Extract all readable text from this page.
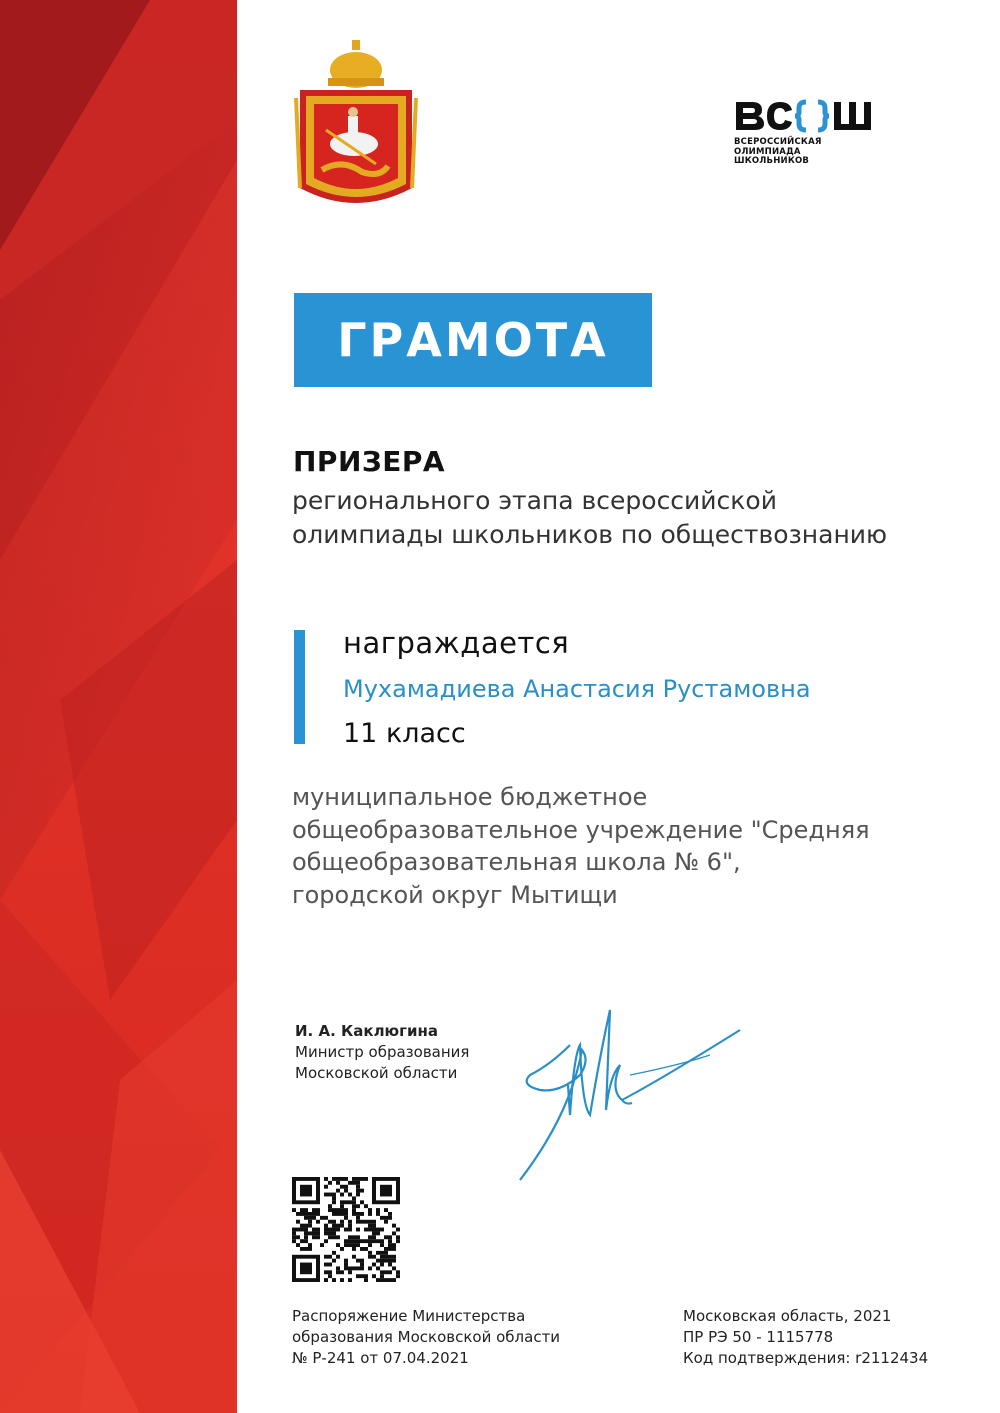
ВСЕРОССИЙСКАЯ
ОЛИМПИАДА
ШКОЛЬНИКОВ
ГРАМОТА
ПРИЗЕРА
регионального этапа всероссийской
олимпиады школьников по обществознанию
награждается
Мухамадиева Анастасия Рустамовна
11 класс
муниципальное бюджетное
общеобразовательное учреждение "Средняя
общеобразовательная школа № 6",
городской округ Мытищи
И. А. Каклюгина
Министр образования
Московской области
Распоряжение Министерства
образования Московской области
№ Р-241 от 07.04.2021
Московская область, 2021
ПР РЭ 50 - 1115778
Код подтверждения: r2112434
